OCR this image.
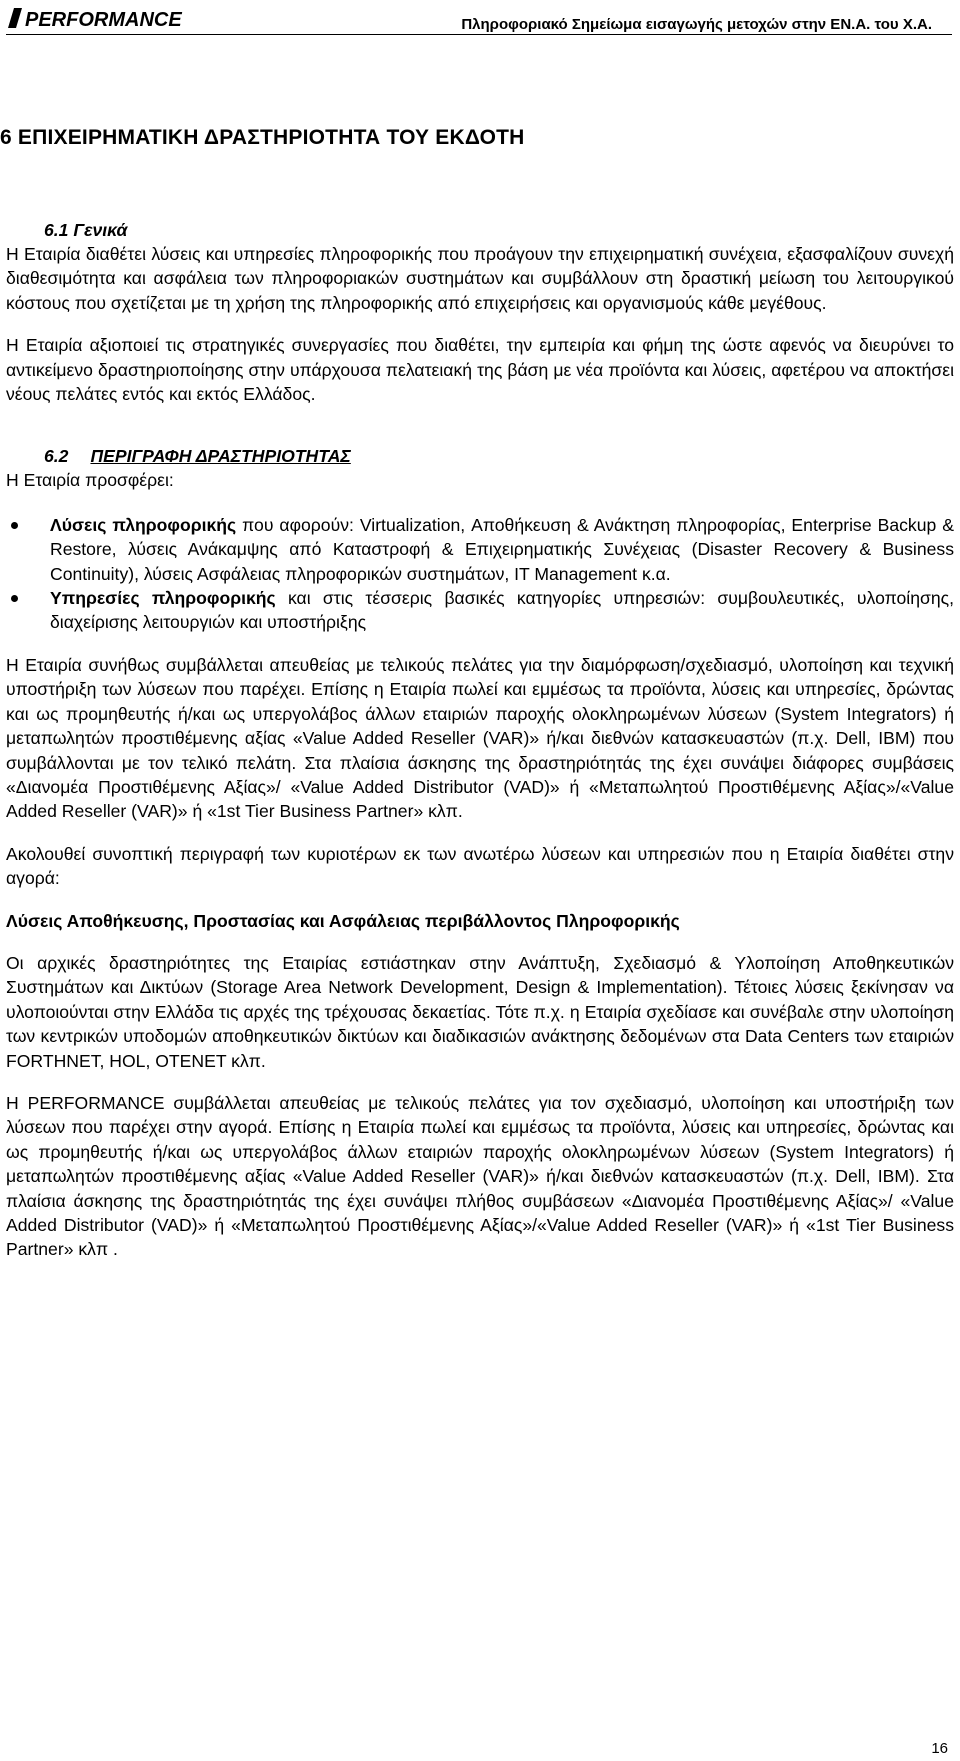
PERFORMANCE	Πληροφοριακό Σημείωμα εισαγωγής μετοχών στην ΕΝ.Α. του Χ.Α.
6 ΕΠΙΧΕΙΡΗΜΑΤΙΚΗ ΔΡΑΣΤΗΡΙΟΤΗΤΑ ΤΟΥ ΕΚΔΟΤΗ
6.1 Γενικά

Η Εταιρία διαθέτει λύσεις και υπηρεσίες πληροφορικής που προάγουν την επιχειρηματική συνέχεια, εξασφαλίζουν συνεχή διαθεσιμότητα και ασφάλεια των πληροφοριακών συστημάτων και συμβάλλουν στη δραστική μείωση του λειτουργικού κόστους που σχετίζεται με τη χρήση της πληροφορικής από επιχειρήσεις και οργανισμούς κάθε μεγέθους.

Η Εταιρία αξιοποιεί τις στρατηγικές συνεργασίες που διαθέτει, την εμπειρία και φήμη της ώστε αφενός να διευρύνει το αντικείμενο δραστηριοποίησης στην υπάρχουσα πελατειακή της βάση με νέα προϊόντα και λύσεις, αφετέρου να αποκτήσει νέους πελάτες εντός και εκτός Ελλάδος.

6.2 ΠΕΡΙΓΡΑΦΗ ΔΡΑΣΤΗΡΙΟΤΗΤΑΣ

Η Εταιρία προσφέρει:

Λύσεις πληροφορικής που αφορούν: Virtualization, Αποθήκευση & Ανάκτηση πληροφορίας, Enterprise Backup & Restore, λύσεις Ανάκαμψης από Καταστροφή & Επιχειρηματικής Συνέχειας (Disaster Recovery & Business Continuity), λύσεις Ασφάλειας πληροφορικών συστημάτων, IT Management κ.α.
Υπηρεσίες πληροφορικής και στις τέσσερις βασικές κατηγορίες υπηρεσιών: συμβουλευτικές, υλοποίησης, διαχείρισης λειτουργιών και υποστήριξης

Η Εταιρία συνήθως συμβάλλεται απευθείας με τελικούς πελάτες για την διαμόρφωση/σχεδιασμό, υλοποίηση και τεχνική υποστήριξη των λύσεων που παρέχει. Επίσης η Εταιρία πωλεί και εμμέσως τα προϊόντα, λύσεις και υπηρεσίες, δρώντας και ως προμηθευτής ή/και ως υπεργολάβος άλλων εταιριών παροχής ολοκληρωμένων λύσεων (System Integrators) ή μεταπωλητών προστιθέμενης αξίας «Value Added Reseller (VAR)» ή/και διεθνών κατασκευαστών (π.χ. Dell, IBM) που συμβάλλονται με τον τελικό πελάτη. Στα πλαίσια άσκησης της δραστηριότητάς της έχει συνάψει διάφορες συμβάσεις «Διανομέα Προστιθέμενης Αξίας»/ «Value Added Distributor (VAD)» ή «Μεταπωλητού Προστιθέμενης Αξίας»/«Value Added Reseller (VAR)» ή «1st Tier Business Partner» κλπ.

Ακολουθεί συνοπτική περιγραφή των κυριοτέρων εκ των ανωτέρω λύσεων και υπηρεσιών που η Εταιρία διαθέτει στην αγορά:

Λύσεις Αποθήκευσης, Προστασίας και Ασφάλειας περιβάλλοντος Πληροφορικής

Οι αρχικές δραστηριότητες της Εταιρίας εστιάστηκαν στην Ανάπτυξη, Σχεδιασμό & Υλοποίηση Αποθηκευτικών Συστημάτων και Δικτύων (Storage Area Network Development, Design & Implementation). Τέτοιες λύσεις ξεκίνησαν να υλοποιούνται στην Ελλάδα τις αρχές της τρέχουσας δεκαετίας. Τότε π.χ. η Εταιρία σχεδίασε και συνέβαλε στην υλοποίηση των κεντρικών υποδομών αποθηκευτικών δικτύων και διαδικασιών ανάκτησης δεδομένων στα Data Centers των εταιριών FORTHNET, HOL, OTENET κλπ.

Η PERFORMANCE συμβάλλεται απευθείας με τελικούς πελάτες για τον σχεδιασμό, υλοποίηση και υποστήριξη των λύσεων που παρέχει στην αγορά. Επίσης η Εταιρία πωλεί και εμμέσως τα προϊόντα, λύσεις και υπηρεσίες, δρώντας και ως προμηθευτής ή/και ως υπεργολάβος άλλων εταιριών παροχής ολοκληρωμένων λύσεων (System Integrators) ή μεταπωλητών προστιθέμενης αξίας «Value Added Reseller (VAR)» ή/και διεθνών κατασκευαστών (π.χ. Dell, IBM). Στα πλαίσια άσκησης της δραστηριότητάς της έχει συνάψει πλήθος συμβάσεων «Διανομέα Προστιθέμενης Αξίας»/ «Value Added Distributor (VAD)» ή «Μεταπωλητού Προστιθέμενης Αξίας»/«Value Added Reseller (VAR)» ή «1st Tier Business Partner» κλπ .

16
